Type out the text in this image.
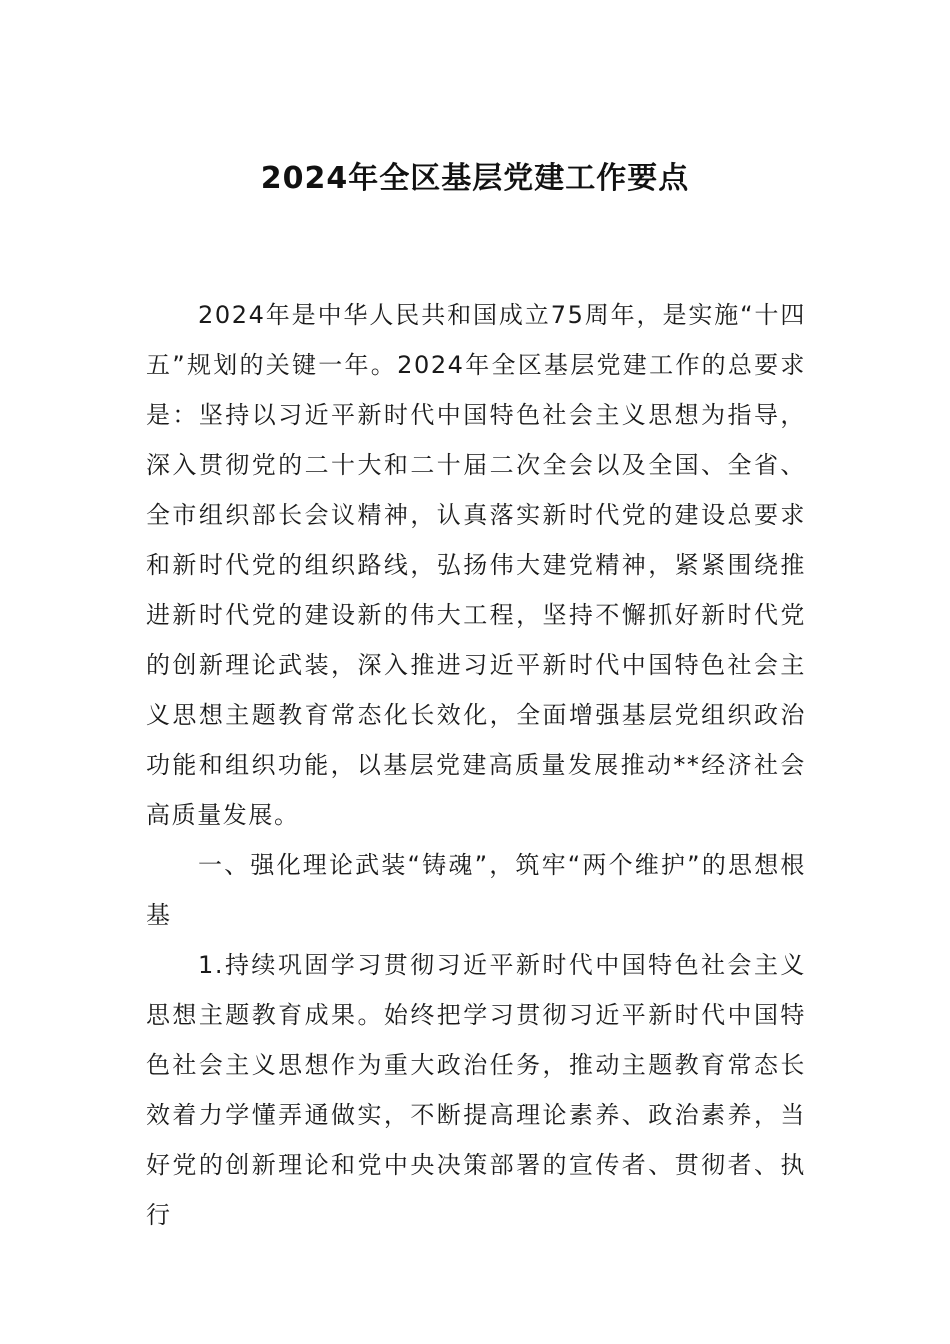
2024年全区基层党建工作要点

2024年是中华人民共和国成立75周年，是实施“十四五”规划的关键一年。2024年全区基层党建工作的总要求是：坚持以习近平新时代中国特色社会主义思想为指导，深入贯彻党的二十大和二十届二次全会以及全国、全省、全市组织部长会议精神，认真落实新时代党的建设总要求和新时代党的组织路线，弘扬伟大建党精神，紧紧围绕推进新时代党的建设新的伟大工程，坚持不懈抓好新时代党的创新理论武装，深入推进习近平新时代中国特色社会主义思想主题教育常态化长效化，全面增强基层党组织政治功能和组织功能，以基层党建高质量发展推动**经济社会高质量发展。

一、强化理论武装“铸魂”，筑牢“两个维护”的思想根基

1.持续巩固学习贯彻习近平新时代中国特色社会主义思想主题教育成果。始终把学习贯彻习近平新时代中国特色社会主义思想作为重大政治任务，推动主题教育常态长效着力学懂弄通做实，不断提高理论素养、政治素养，当好党的创新理论和党中央决策部署的宣传者、贯彻者、执行
